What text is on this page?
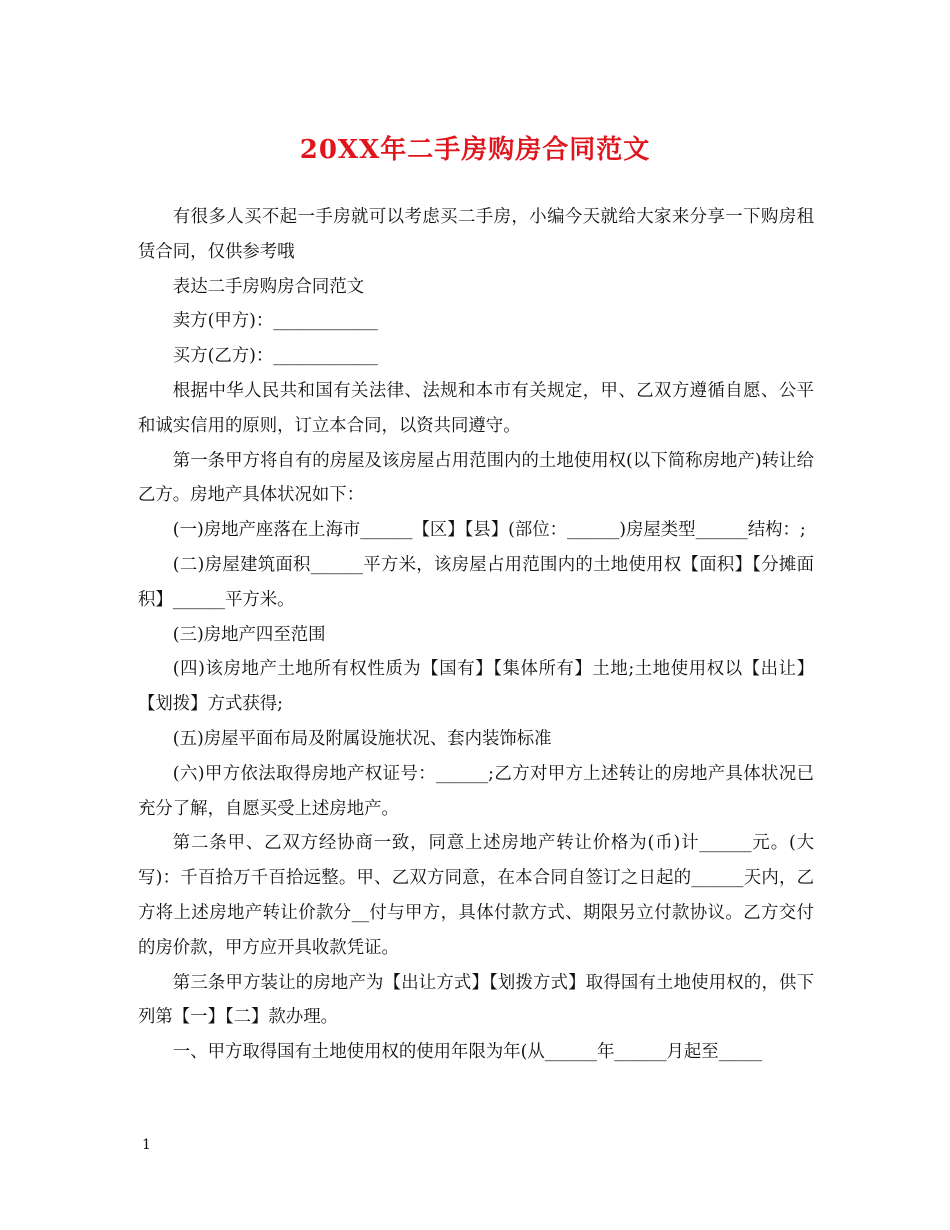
20XX年二手房购房合同范文

有很多人买不起一手房就可以考虑买二手房，小编今天就给大家来分享一下购房租赁合同，仅供参考哦

表达二手房购房合同范文

卖方(甲方)：____________

买方(乙方)：____________

根据中华人民共和国有关法律、法规和本市有关规定，甲、乙双方遵循自愿、公平和诚实信用的原则，订立本合同，以资共同遵守。

第一条甲方将自有的房屋及该房屋占用范围内的土地使用权(以下简称房地产)转让给乙方。房地产具体状况如下：

(一)房地产座落在上海市______【区】【县】(部位：______)房屋类型______结构：;

(二)房屋建筑面积______平方米，该房屋占用范围内的土地使用权【面积】【分摊面积】______平方米。

(三)房地产四至范围

(四)该房地产土地所有权性质为【国有】【集体所有】土地;土地使用权以【出让】【划拨】方式获得;

(五)房屋平面布局及附属设施状况、套内装饰标准

(六)甲方依法取得房地产权证号：______;乙方对甲方上述转让的房地产具体状况已充分了解，自愿买受上述房地产。

第二条甲、乙双方经协商一致，同意上述房地产转让价格为(币)计______元。(大写)：千百拾万千百拾远整。甲、乙双方同意，在本合同自签订之日起的______天内，乙方将上述房地产转让价款分__付与甲方，具体付款方式、期限另立付款协议。乙方交付的房价款，甲方应开具收款凭证。

第三条甲方装让的房地产为【出让方式】【划拨方式】取得国有土地使用权的，供下列第【一】【二】款办理。

一、甲方取得国有土地使用权的使用年限为年(从______年______月起至_____

1
